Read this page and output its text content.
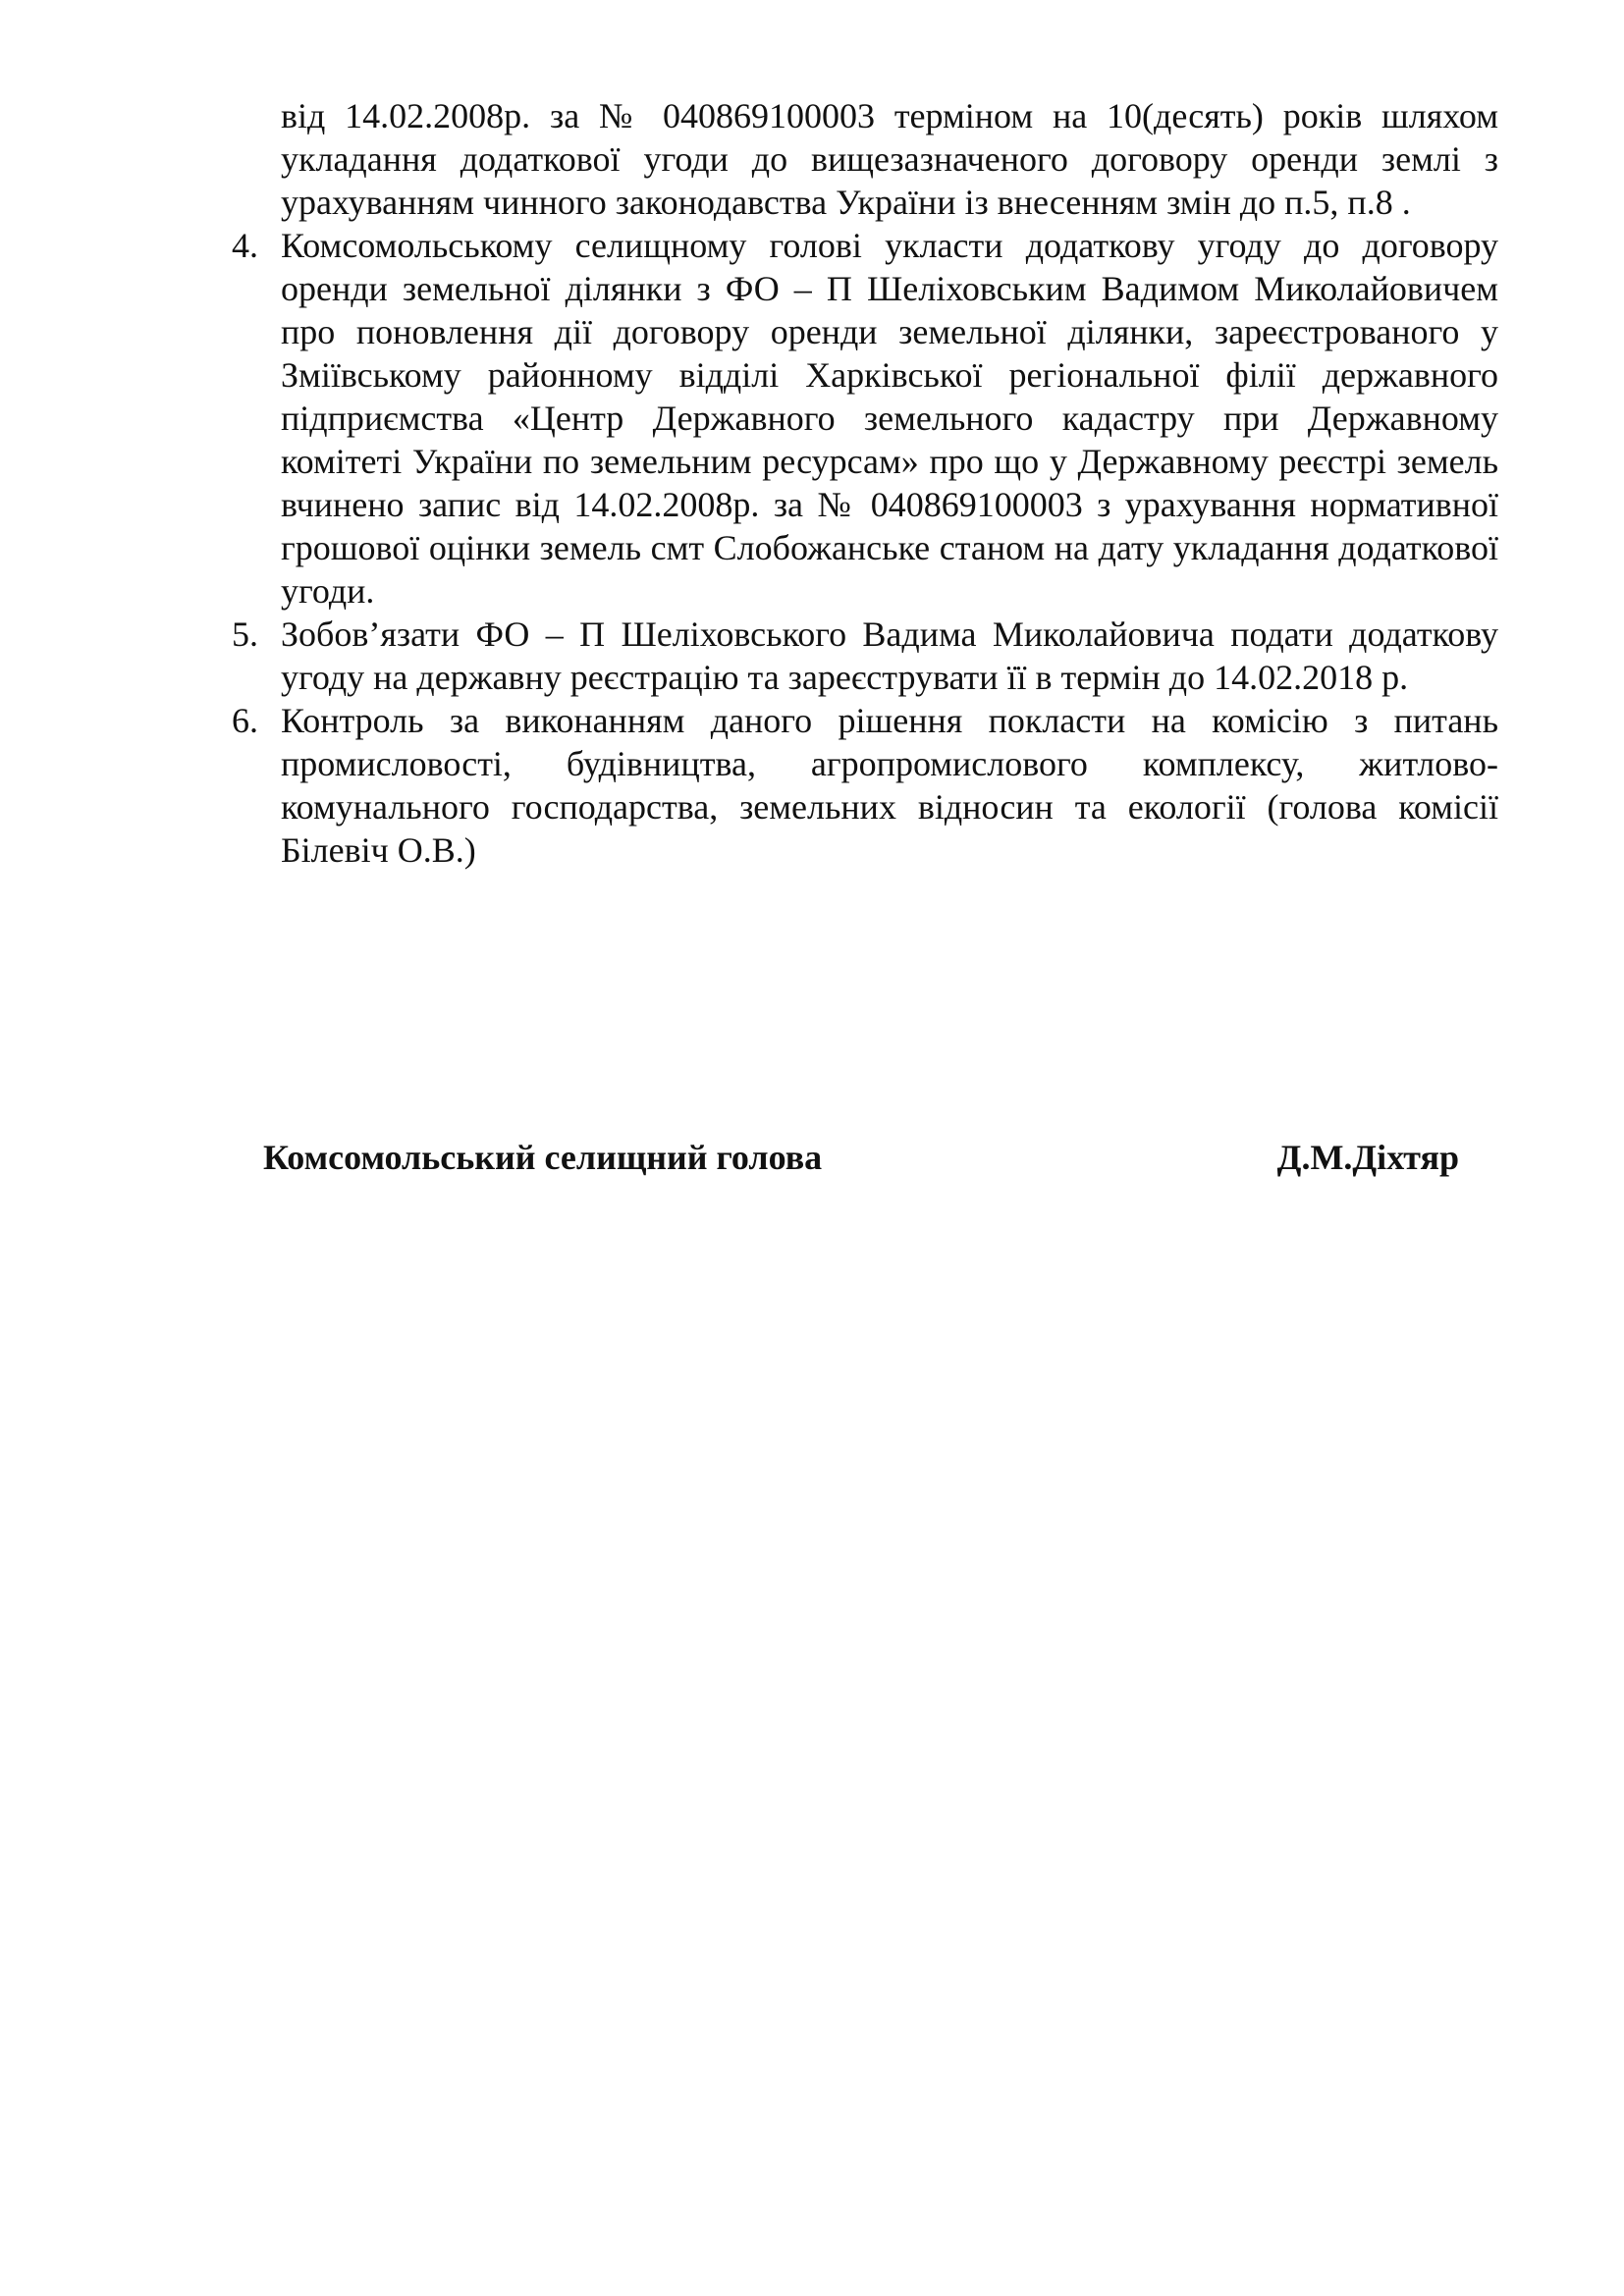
від 14.02.2008р. за № 040869100003 терміном на 10(десять) років шляхом укладання додаткової угоди до вищезазначеного договору оренди землі з урахуванням чинного законодавства України із внесенням змін до п.5, п.8 .
4. Комсомольському селищному голові укласти додаткову угоду до договору оренди земельної ділянки з ФО – П Шеліховським Вадимом Миколайовичем про поновлення дії договору оренди земельної ділянки, зареєстрованого у Зміївському районному відділі Харківської регіональної філії державного підприємства «Центр Державного земельного кадастру при Державному комітеті України по земельним ресурсам» про що у Державному реєстрі земель вчинено запис від 14.02.2008р. за № 040869100003 з урахування нормативної грошової оцінки земель смт Слобожанське станом на дату укладання додаткової угоди.
5. Зобов’язати ФО – П Шеліховського Вадима Миколайовича подати додаткову угоду на державну реєстрацію та зареєструвати її в термін до 14.02.2018 р.
6. Контроль за виконанням даного рішення покласти на комісію з питань промисловості, будівництва, агропромислового комплексу, житлово-комунального господарства, земельних відносин та екології (голова комісії Білевіч О.В.)
Комсомольський селищний голова	Д.М.Діхтяр
